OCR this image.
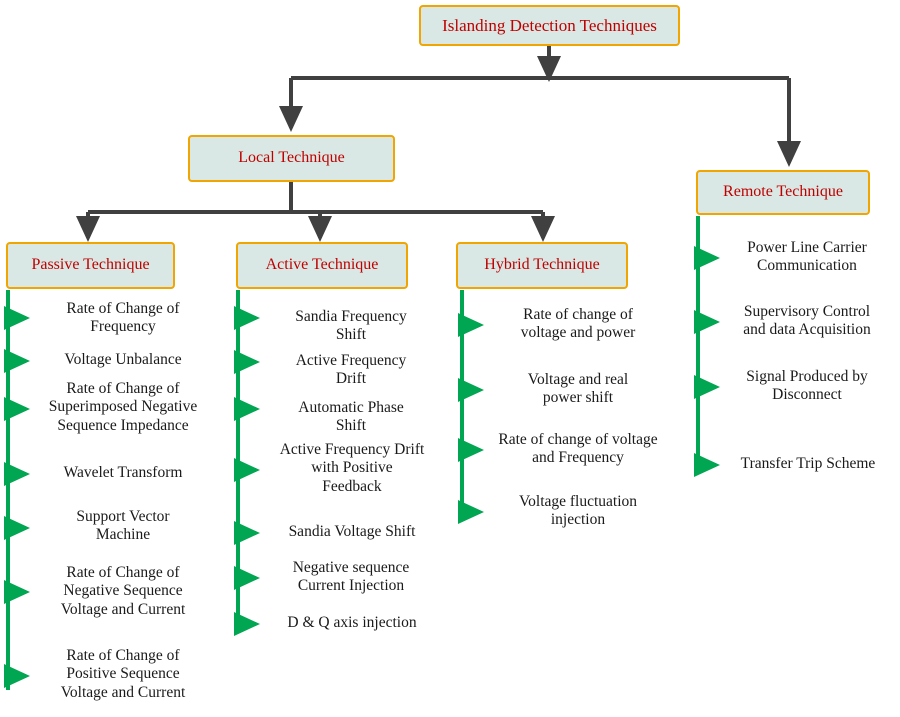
Islanding Detection Techniques
Local Technique
Remote Technique
Passive Technique	Active Technique	Hybrid Technique
Rate of Change of
Frequency
Voltage Unbalance
Rate of Change of
Superimposed Negative
Sequence Impedance
Wavelet Transform
Support Vector
Machine
Rate of Change of
Negative Sequence
Voltage and Current
Rate of Change of
Positive Sequence
Voltage and Current
Sandia Frequency
Shift
Active Frequency
Drift
Automatic Phase
Shift
Active Frequency Drift
with Positive
Feedback
Sandia Voltage Shift
Negative sequence
Current Injection
D & Q axis injection
Rate of change of
voltage and power
Voltage and real
power shift
Rate of change of voltage
and Frequency
Voltage fluctuation
injection
Power Line Carrier
Communication
Supervisory Control
and data Acquisition
Signal Produced by
Disconnect
Transfer Trip Scheme
